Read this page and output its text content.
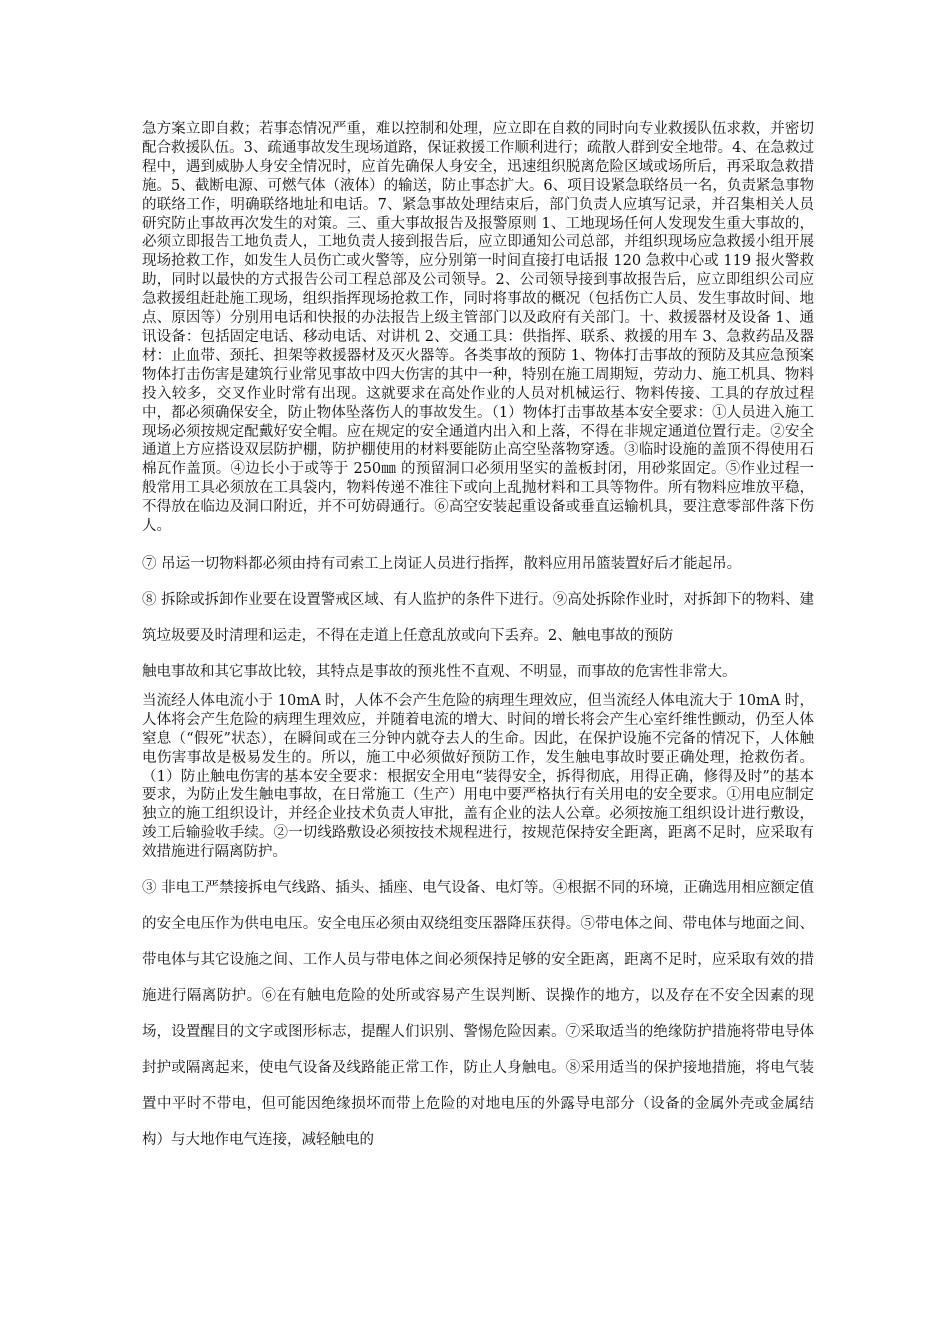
急方案立即自救；若事态情况严重，难以控制和处理，应立即在自救的同时向专业救援队伍求救，并密切配合救援队伍。3、疏通事故发生现场道路，保证救援工作顺利进行；疏散人群到安全地带。4、在急救过程中，遇到威胁人身安全情况时，应首先确保人身安全，迅速组织脱离危险区域或场所后，再采取急救措施。5、截断电源、可燃气体（液体）的输送，防止事态扩大。6、项目设紧急联络员一名，负责紧急事物的联络工作，明确联络地址和电话。7、紧急事故处理结束后，部门负责人应填写记录，并召集相关人员研究防止事故再次发生的对策。三、重大事故报告及报警原则 1、工地现场任何人发现发生重大事故的，必须立即报告工地负责人，工地负责人接到报告后，应立即通知公司总部，并组织现场应急救援小组开展现场抢救工作，如发生人员伤亡或火警等，应分别第一时间直接打电话报 120 急救中心或 119 报火警救助，同时以最快的方式报告公司工程总部及公司领导。2、公司领导接到事故报告后，应立即组织公司应急救援组赶赴施工现场，组织指挥现场抢救工作，同时将事故的概况（包括伤亡人员、发生事故时间、地点、原因等）分别用电话和快报的办法报告上级主管部门以及政府有关部门。十、救援器材及设备 1、通讯设备：包括固定电话、移动电话、对讲机 2、交通工具：供指挥、联系、救援的用车 3、急救药品及器材：止血带、颈托、担架等救援器材及灭火器等。各类事故的预防 1、物体打击事故的预防及其应急预案物体打击伤害是建筑行业常见事故中四大伤害的其中一种，特别在施工周期短，劳动力、施工机具、物料投入较多，交叉作业时常有出现。这就要求在高处作业的人员对机械运行、物料传接、工具的存放过程中，都必须确保安全，防止物体坠落伤人的事故发生。（1）物体打击事故基本安全要求：①人员进入施工现场必须按规定配戴好安全帽。应在规定的安全通道内出入和上落，不得在非规定通道位置行走。②安全通道上方应搭设双层防护棚，防护棚使用的材料要能防止高空坠落物穿透。③临时设施的盖顶不得使用石棉瓦作盖顶。④边长小于或等于 250㎜ 的预留洞口必须用坚实的盖板封闭，用砂浆固定。⑤作业过程一般常用工具必须放在工具袋内，物料传递不准往下或向上乱抛材料和工具等物件。所有物料应堆放平稳，不得放在临边及洞口附近，并不可妨碍通行。⑥高空安装起重设备或垂直运输机具，要注意零部件落下伤人。

⑦ 吊运一切物料都必须由持有司索工上岗证人员进行指挥，散料应用吊篮装置好后才能起吊。

⑧ 拆除或拆卸作业要在设置警戒区域、有人监护的条件下进行。⑨高处拆除作业时，对拆卸下的物料、建筑垃圾要及时清理和运走，不得在走道上任意乱放或向下丢弃。2、触电事故的预防

触电事故和其它事故比较，其特点是事故的预兆性不直观、不明显，而事故的危害性非常大。

当流经人体电流小于 10mA 时，人体不会产生危险的病理生理效应，但当流经人体电流大于 10mA 时，人体将会产生危险的病理生理效应，并随着电流的增大、时间的增长将会产生心室纤维性颤动，仍至人体窒息（“假死”状态），在瞬间或在三分钟内就夺去人的生命。因此，在保护设施不完备的情况下，人体触电伤害事故是极易发生的。所以，施工中必须做好预防工作，发生触电事故时要正确处理，抢救伤者。（1）防止触电伤害的基本安全要求：根据安全用电“装得安全，拆得彻底，用得正确，修得及时”的基本要求，为防止发生触电事故，在日常施工（生产）用电中要严格执行有关用电的安全要求。①用电应制定独立的施工组织设计，并经企业技术负责人审批，盖有企业的法人公章。必须按施工组织设计进行敷设，竣工后输验收手续。②一切线路敷设必须按技术规程进行，按规范保持安全距离，距离不足时，应采取有效措施进行隔离防护。

③ 非电工严禁接拆电气线路、插头、插座、电气设备、电灯等。④根据不同的环境，正确选用相应额定值的安全电压作为供电电压。安全电压必须由双绕组变压器降压获得。⑤带电体之间、带电体与地面之间、带电体与其它设施之间、工作人员与带电体之间必须保持足够的安全距离，距离不足时，应采取有效的措施进行隔离防护。⑥在有触电危险的处所或容易产生误判断、误操作的地方，以及存在不安全因素的现场，设置醒目的文字或图形标志，提醒人们识别、警惕危险因素。⑦采取适当的绝缘防护措施将带电导体封护或隔离起来，使电气设备及线路能正常工作，防止人身触电。⑧采用适当的保护接地措施，将电气装置中平时不带电，但可能因绝缘损坏而带上危险的对地电压的外露导电部分（设备的金属外壳或金属结构）与大地作电气连接，减轻触电的
